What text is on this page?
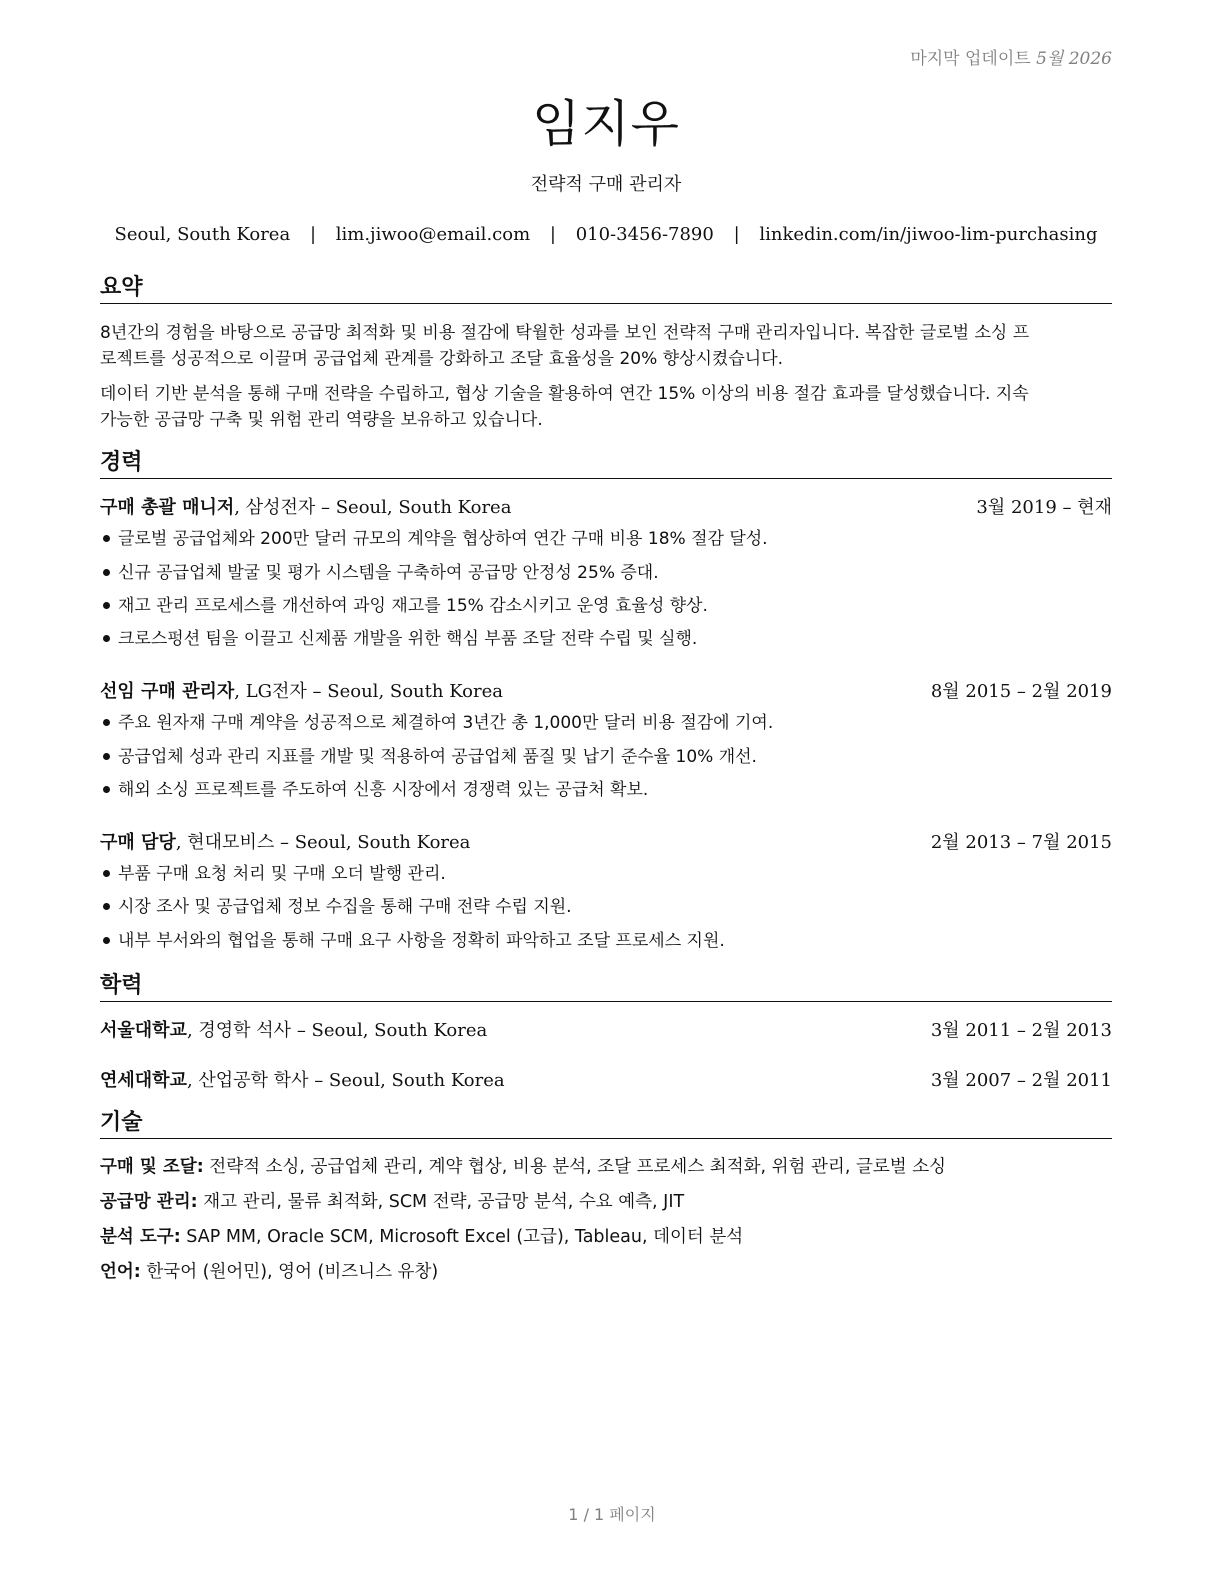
마지막 업데이트 5월 2026
임지우
전략적 구매 관리자
Seoul, South Korea | lim.jiwoo@email.com | 010-3456-7890 | linkedin.com/in/jiwoo-lim-purchasing
요약
8년간의 경험을 바탕으로 공급망 최적화 및 비용 절감에 탁월한 성과를 보인 전략적 구매 관리자입니다. 복잡한 글로벌 소싱 프
로젝트를 성공적으로 이끌며 공급업체 관계를 강화하고 조달 효율성을 20% 향상시켰습니다.
데이터 기반 분석을 통해 구매 전략을 수립하고, 협상 기술을 활용하여 연간 15% 이상의 비용 절감 효과를 달성했습니다. 지속
가능한 공급망 구축 및 위험 관리 역량을 보유하고 있습니다.
경력
구매 총괄 매니저, 삼성전자 – Seoul, South Korea	3월 2019 – 현재
글로벌 공급업체와 200만 달러 규모의 계약을 협상하여 연간 구매 비용 18% 절감 달성.
신규 공급업체 발굴 및 평가 시스템을 구축하여 공급망 안정성 25% 증대.
재고 관리 프로세스를 개선하여 과잉 재고를 15% 감소시키고 운영 효율성 향상.
크로스펑션 팀을 이끌고 신제품 개발을 위한 핵심 부품 조달 전략 수립 및 실행.
선임 구매 관리자, LG전자 – Seoul, South Korea	8월 2015 – 2월 2019
주요 원자재 구매 계약을 성공적으로 체결하여 3년간 총 1,000만 달러 비용 절감에 기여.
공급업체 성과 관리 지표를 개발 및 적용하여 공급업체 품질 및 납기 준수율 10% 개선.
해외 소싱 프로젝트를 주도하여 신흥 시장에서 경쟁력 있는 공급처 확보.
구매 담당, 현대모비스 – Seoul, South Korea	2월 2013 – 7월 2015
부품 구매 요청 처리 및 구매 오더 발행 관리.
시장 조사 및 공급업체 정보 수집을 통해 구매 전략 수립 지원.
내부 부서와의 협업을 통해 구매 요구 사항을 정확히 파악하고 조달 프로세스 지원.
학력
서울대학교, 경영학 석사 – Seoul, South Korea	3월 2011 – 2월 2013
연세대학교, 산업공학 학사 – Seoul, South Korea	3월 2007 – 2월 2011
기술
구매 및 조달: 전략적 소싱, 공급업체 관리, 계약 협상, 비용 분석, 조달 프로세스 최적화, 위험 관리, 글로벌 소싱
공급망 관리: 재고 관리, 물류 최적화, SCM 전략, 공급망 분석, 수요 예측, JIT
분석 도구: SAP MM, Oracle SCM, Microsoft Excel (고급), Tableau, 데이터 분석
언어: 한국어 (원어민), 영어 (비즈니스 유창)
1 / 1 페이지
